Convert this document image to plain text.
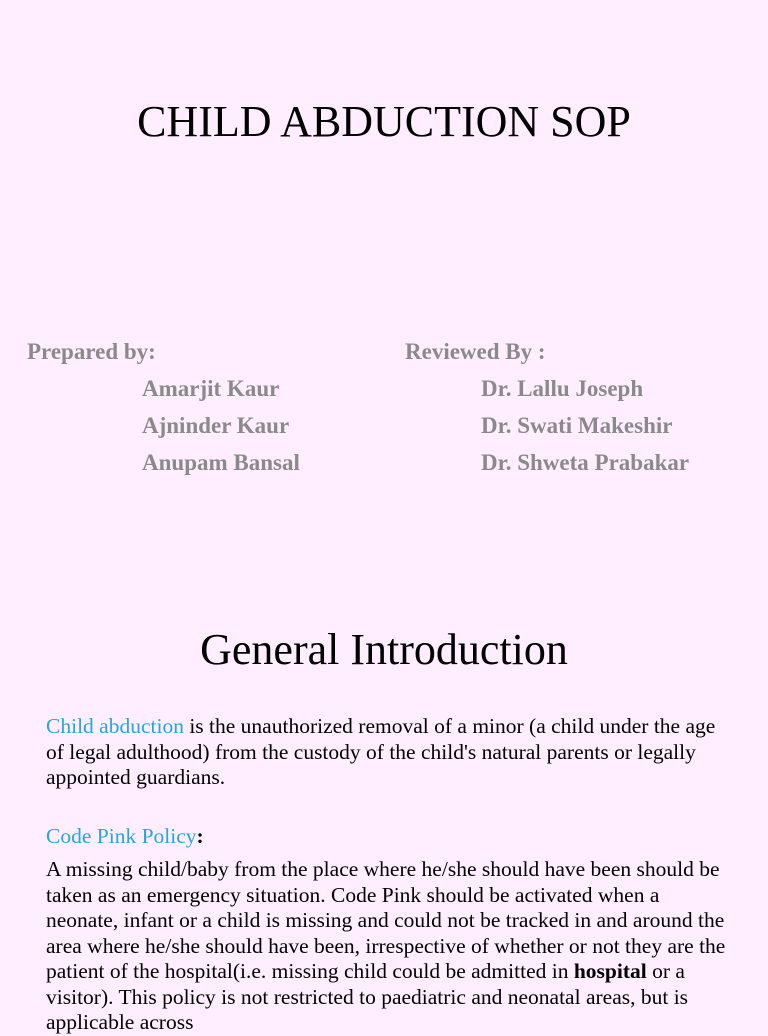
CHILD ABDUCTION SOP
Prepared by:
Amarjit Kaur
Ajninder Kaur
Anupam Bansal
Reviewed By :
Dr. Lallu Joseph
Dr. Swati Makeshir
Dr. Shweta Prabakar
General Introduction

Child abduction is the unauthorized removal of a minor (a child under the age of legal adulthood) from the custody of the child's natural parents or legally appointed guardians.

Code Pink Policy:

A missing child/baby from the place where he/she should have been should be taken as an emergency situation. Code Pink should be activated when a neonate, infant or a child is missing and could not be tracked in and around the area where he/she should have been, irrespective of whether or not they are the patient of the hospital(i.e. missing child could be admitted in hospital or a visitor). This policy is not restricted to paediatric and neonatal areas, but is applicable across
